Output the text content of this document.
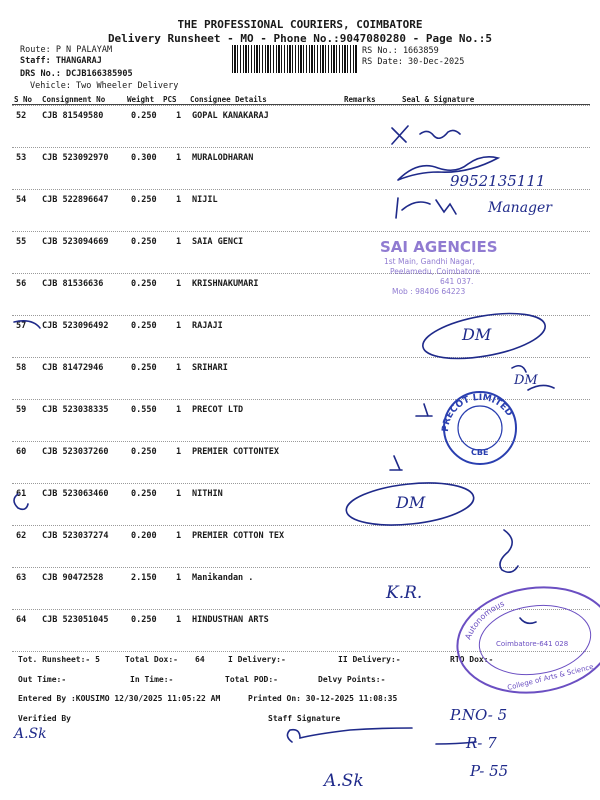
THE PROFESSIONAL COURIERS, COIMBATORE
Delivery Runsheet - MO - Phone No.:9047080280 - Page No.:5
Route: P N PALAYAM
Staff: THANGARAJ
DRS No.: DCJB166385905
Vehicle: Two Wheeler Delivery
RS No.: 1663859
RS Date: 30-Dec-2025
S No Consignment No	Weight PCS Consignee Details	Remarks	Seal & Signature
52 CJB 81549580	0.250 1 GOPAL KANAKARAJ
53 CJB 523092970	0.300 1 MURALODHARAN
54 CJB 522896647	0.250 1 NIJIL
55 CJB 523094669	0.250 1 SAIA GENCI
56 CJB 81536636	0.250 1 KRISHNAKUMARI
57 CJB 523096492	0.250 1 RAJAJI
58 CJB 81472946	0.250 1 SRIHARI
59 CJB 523038335	0.550 1 PRECOT LTD
60 CJB 523037260	0.250 1 PREMIER COTTONTEX
61 CJB 523063460	0.250 1 NITHIN
62 CJB 523037274	0.200 1 PREMIER COTTON TEX
63 CJB 90472528	2.150 1 Manikandan .
64 CJB 523051045	0.250 1 HINDUSTHAN ARTS
Tot. Runsheet:- 5	Total Dox:- 64	I Delivery:-	II Delivery:-	RTO Dox:-
Out Time:-	In Time:-	Total POD:-	Delvy Points:-
Entered By :KOUSIMO 12/30/2025 11:05:22 AM	Printed On: 30-12-2025 11:08:35
Verified By	Staff Signature
9952135111
Manager
DM
DM
DM
K.R.
A.Sk
A.Sk
P.NO- 5
R- 7
P- 55
SAI AGENCIES
1st Main, Gandhi Nagar,
Peelamedu, Coimbatore
641 037.
Mob : 98406 64223
PRECOT LIMITED
CBE
Autonomous
College of Arts & Science
Coimbatore-641 028
